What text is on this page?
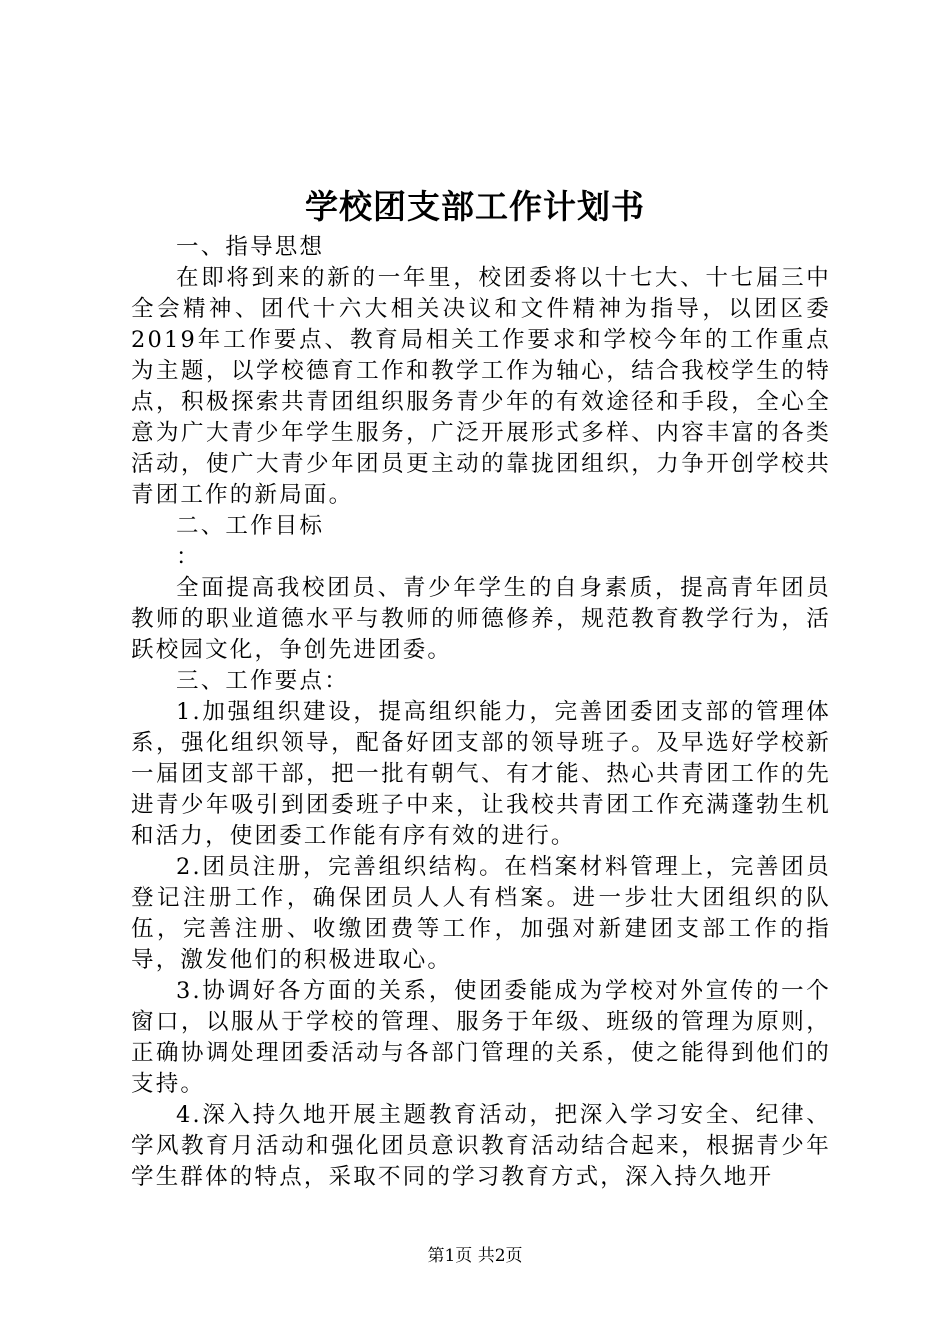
学校团支部工作计划书

一、指导思想

在即将到来的新的一年里，校团委将以十七大、十七届三中全会精神、团代十六大相关决议和文件精神为指导，以团区委2019年工作要点、教育局相关工作要求和学校今年的工作重点为主题，以学校德育工作和教学工作为轴心，结合我校学生的特点，积极探索共青团组织服务青少年的有效途径和手段，全心全意为广大青少年学生服务，广泛开展形式多样、内容丰富的各类活动，使广大青少年团员更主动的靠拢团组织，力争开创学校共青团工作的新局面。

二、工作目标

：

全面提高我校团员、青少年学生的自身素质，提高青年团员教师的职业道德水平与教师的师德修养，规范教育教学行为，活跃校园文化，争创先进团委。

三、工作要点：

1.加强组织建设，提高组织能力，完善团委团支部的管理体系，强化组织领导，配备好团支部的领导班子。及早选好学校新一届团支部干部，把一批有朝气、有才能、热心共青团工作的先进青少年吸引到团委班子中来，让我校共青团工作充满蓬勃生机和活力，使团委工作能有序有效的进行。

2.团员注册，完善组织结构。在档案材料管理上，完善团员登记注册工作，确保团员人人有档案。进一步壮大团组织的队伍，完善注册、收缴团费等工作，加强对新建团支部工作的指导，激发他们的积极进取心。

3.协调好各方面的关系，使团委能成为学校对外宣传的一个窗口，以服从于学校的管理、服务于年级、班级的管理为原则，正确协调处理团委活动与各部门管理的关系，使之能得到他们的支持。

4.深入持久地开展主题教育活动，把深入学习安全、纪律、学风教育月活动和强化团员意识教育活动结合起来，根据青少年学生群体的特点，采取不同的学习教育方式，深入持久地开

第1页 共2页
